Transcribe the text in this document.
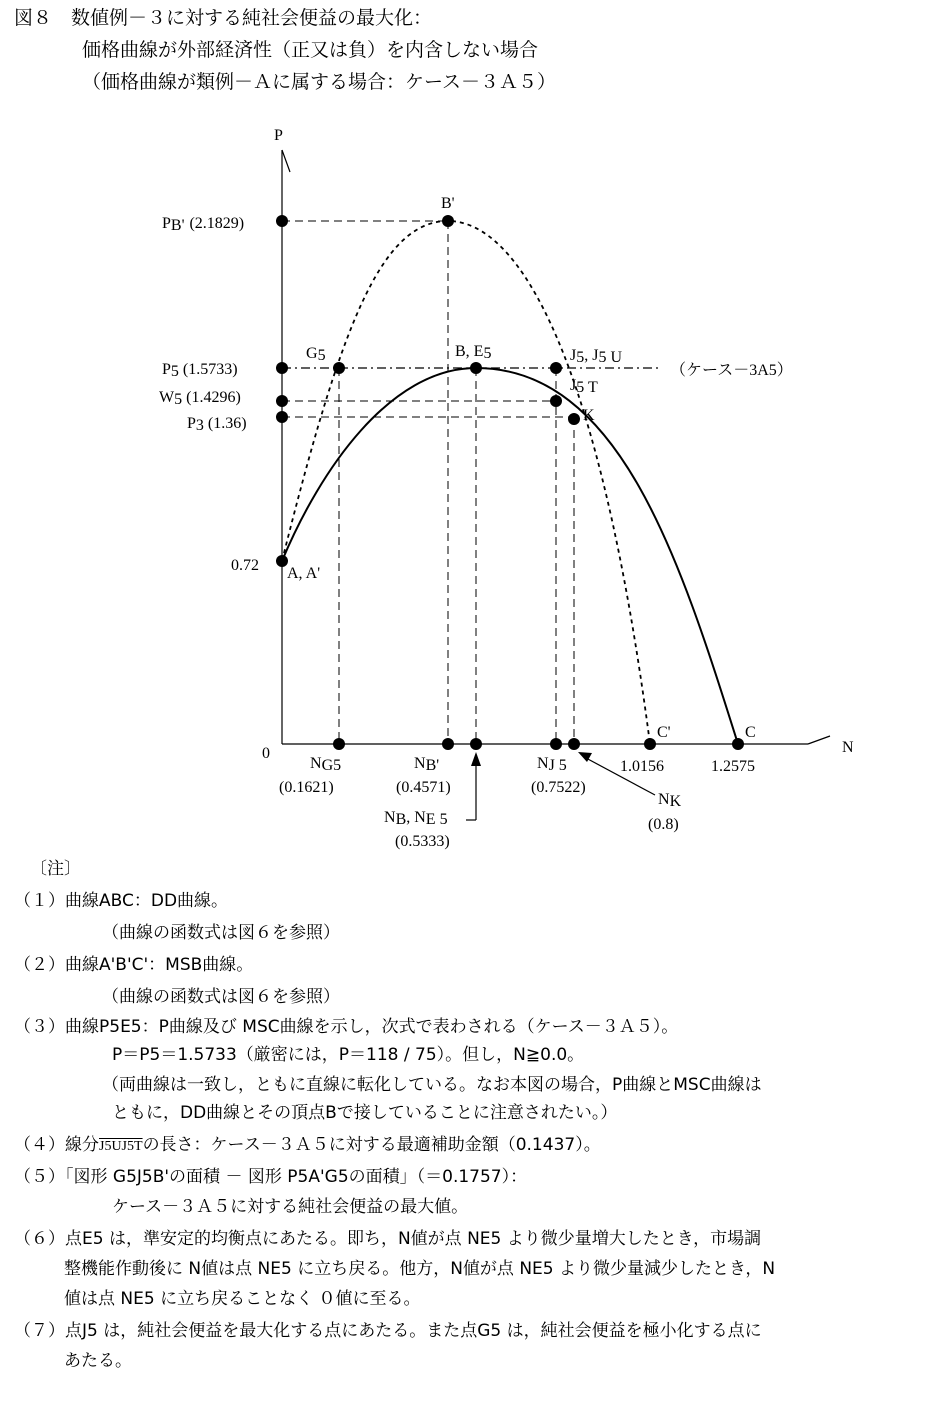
図８　数値例－３に対する純社会便益の最大化：
価格曲線が外部経済性（正又は負）を内含しない場合
（価格曲線が類例－Ａに属する場合：ケース－３Ａ５）
P
N
PB' (2.1829)
P5 (1.5733)
W5 (1.4296)
P3 (1.36)
0.72
0
NG5
(0.1621)
NB'
(0.4571)
NB, NE 5
(0.5333)
NJ 5
(0.7522)
NK
(0.8)
1.0156	1.2575
B'
G5	B, E5	J5, J5 U
J5 T
K
A, A'
C'	C
（ケース－3A5）
〔注〕
（１）曲線ABC：DD曲線。
（曲線の函数式は図６を参照）
（２）曲線A'B'C'：MSB曲線。
（曲線の函数式は図６を参照）
（３）曲線P5E5：P曲線及び MSC曲線を示し，次式で表わされる（ケース－３Ａ５）。
P＝P5＝1.5733（厳密には，P＝118 / 75）。但し，N≧0.0。
（両曲線は一致し，ともに直線に転化している。なお本図の場合，P曲線とMSC曲線は
ともに，DD曲線とその頂点Bで接していることに注意されたい。）
（４）線分J5UJ5Tの長さ：ケース－３Ａ５に対する最適補助金額（0.1437）。
（５）「図形 G5J5B'の面積 － 図形 P5A'G5の面積」（＝0.1757）：
ケース－３Ａ５に対する純社会便益の最大値。
（６）点E5 は，準安定的均衡点にあたる。即ち，N値が点 NE5 より微少量増大したとき，市場調
整機能作動後に N値は点 NE5 に立ち戻る。他方，N値が点 NE5 より微少量減少したとき，N
値は点 NE5 に立ち戻ることなく ０値に至る。
（７）点J5 は，純社会便益を最大化する点にあたる。また点G5 は，純社会便益を極小化する点に
あたる。
